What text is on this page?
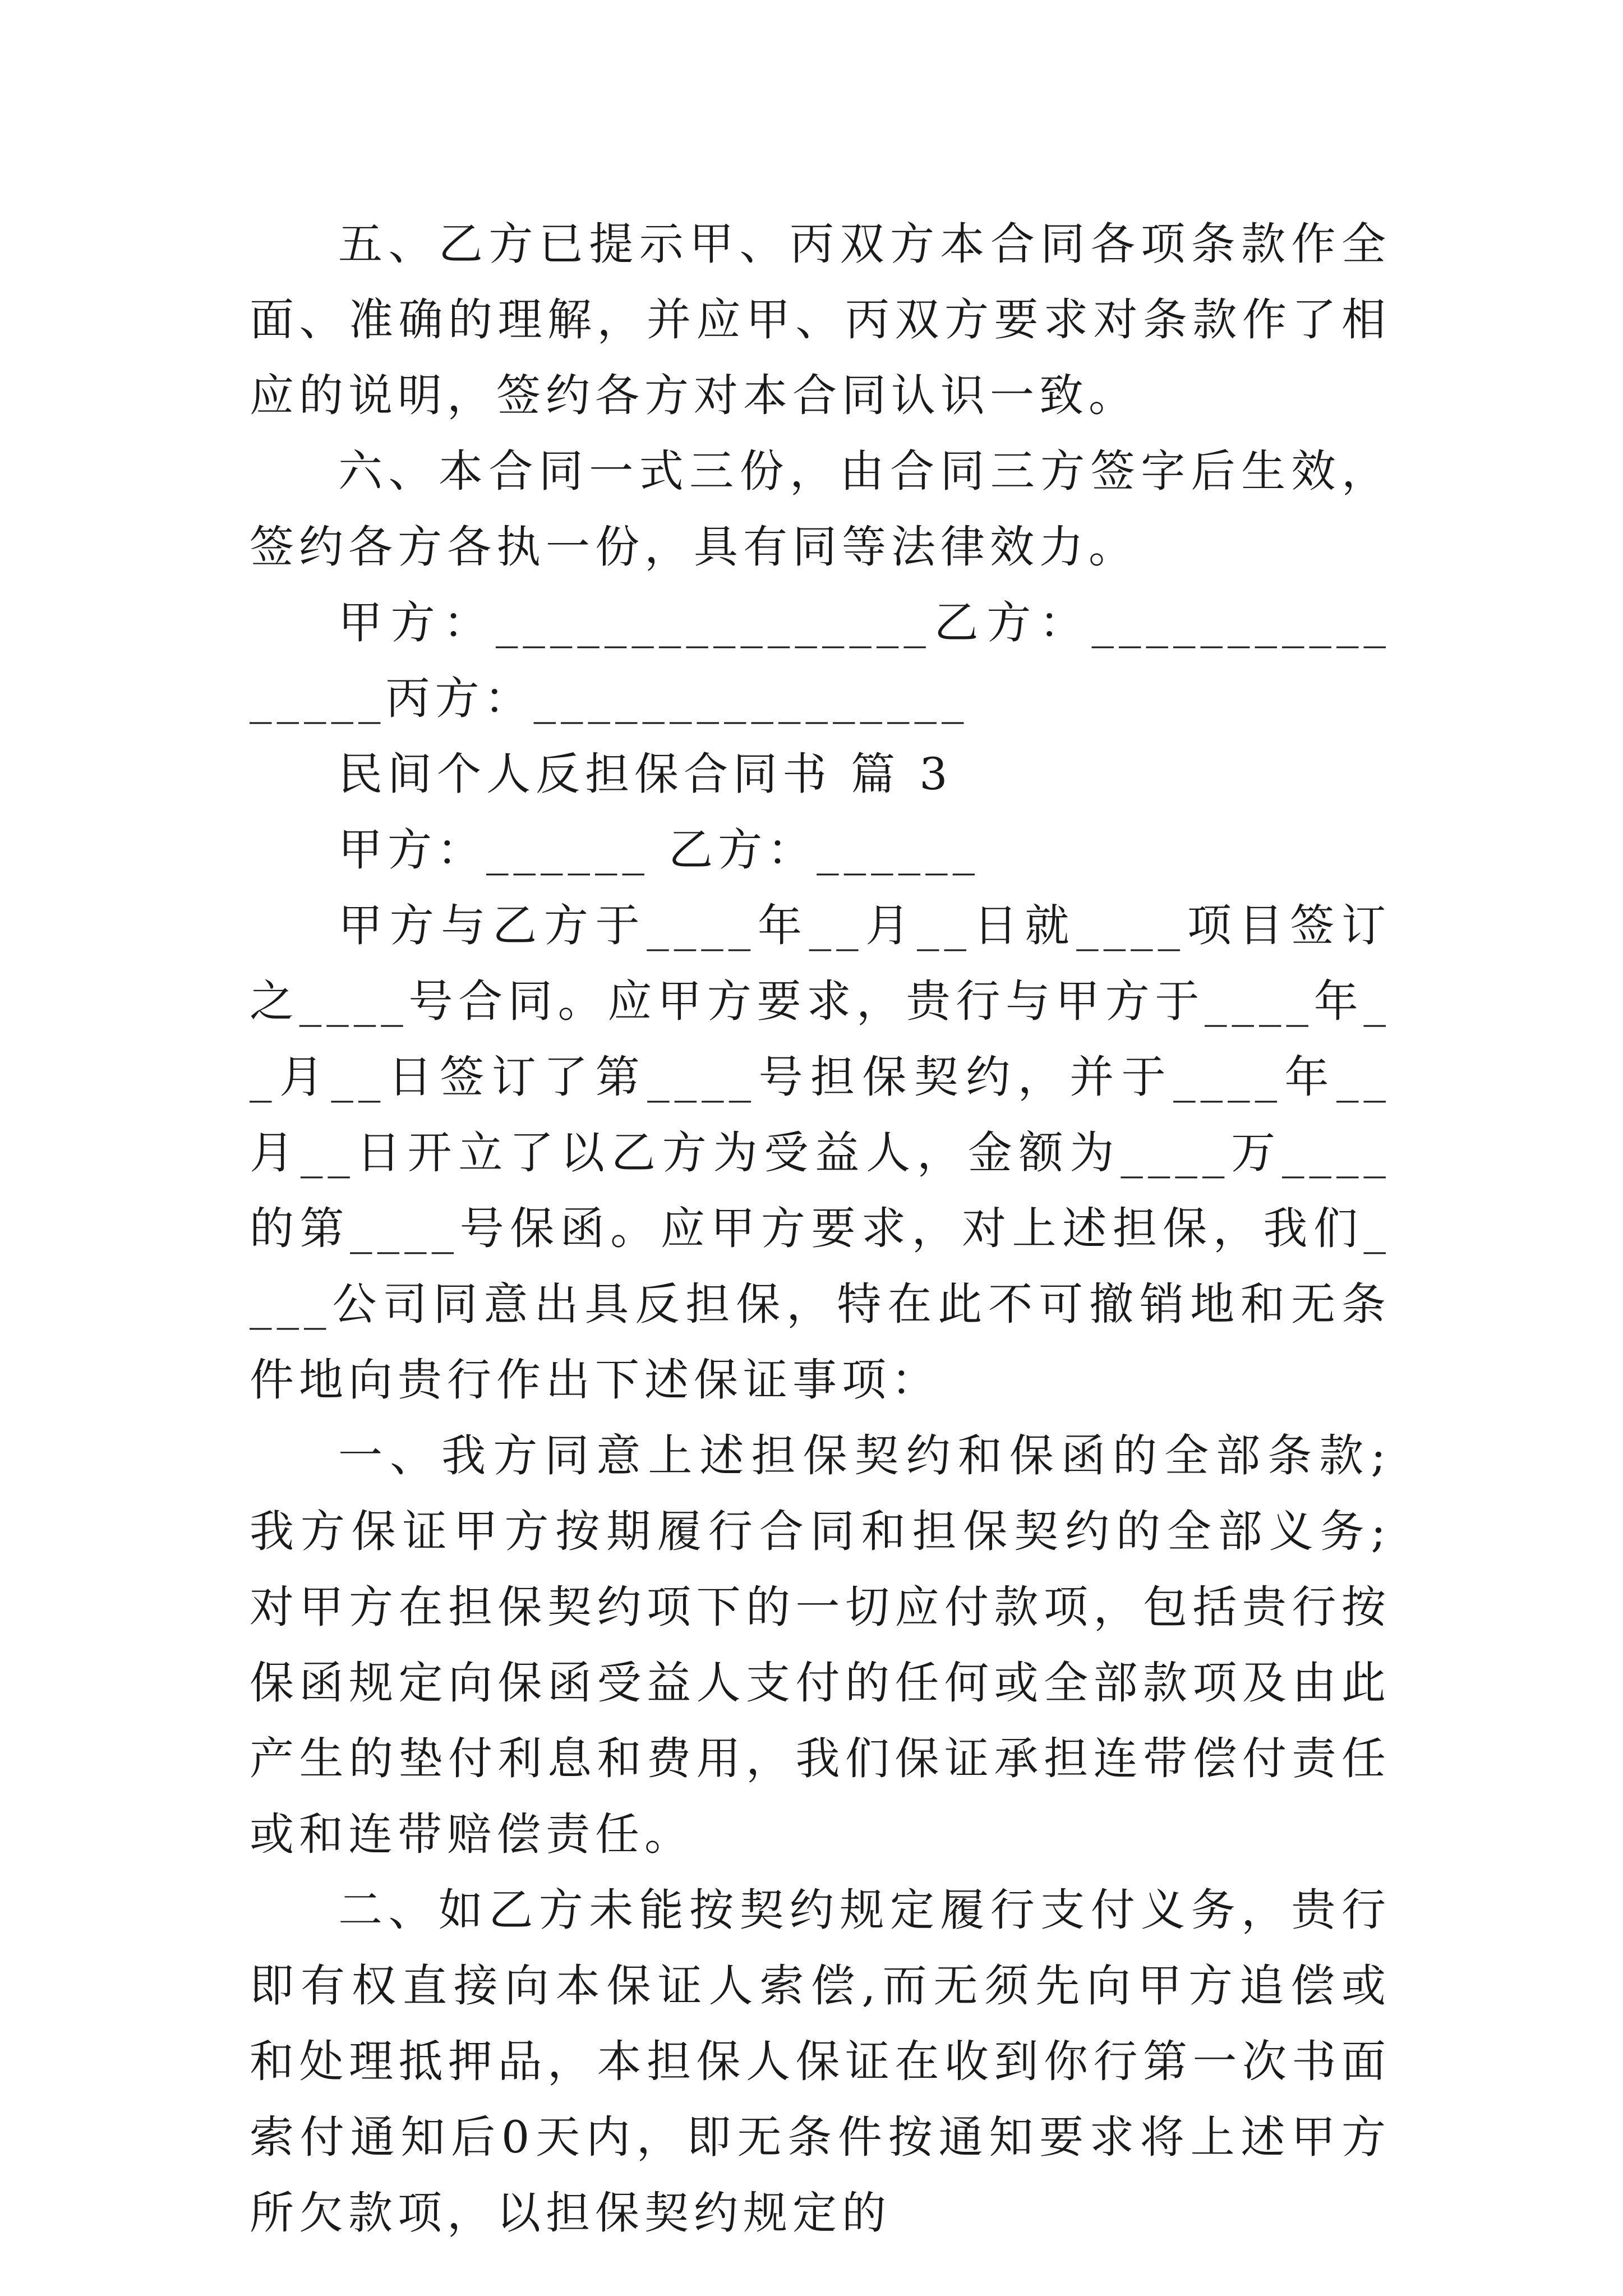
五、乙方已提示甲、丙双方本合同各项条款作全面、准确的理解，并应甲、丙双方要求对条款作了相应的说明，签约各方对本合同认识一致。

六、本合同一式三份，由合同三方签字后生效，签约各方各执一份，具有同等法律效力。

甲方：________________乙方：________________丙方：________________

民间个人反担保合同书 篇 3

甲方：______ 乙方：______

甲方与乙方于____年__月__日就____项目签订之____号合同。应甲方要求，贵行与甲方于____年__月__日签订了第____号担保契约，并于____年__月__日开立了以乙方为受益人，金额为____万____的第____号保函。应甲方要求，对上述担保，我们____公司同意出具反担保，特在此不可撤销地和无条件地向贵行作出下述保证事项：

一、我方同意上述担保契约和保函的全部条款;我方保证甲方按期履行合同和担保契约的全部义务;对甲方在担保契约项下的一切应付款项，包括贵行按保函规定向保函受益人支付的任何或全部款项及由此产生的垫付利息和费用，我们保证承担连带偿付责任或和连带赔偿责任。

二、如乙方未能按契约规定履行支付义务，贵行即有权直接向本保证人索偿,而无须先向甲方追偿或和处理抵押品，本担保人保证在收到你行第一次书面索付通知后0天内，即无条件按通知要求将上述甲方所欠款项，以担保契约规定的
